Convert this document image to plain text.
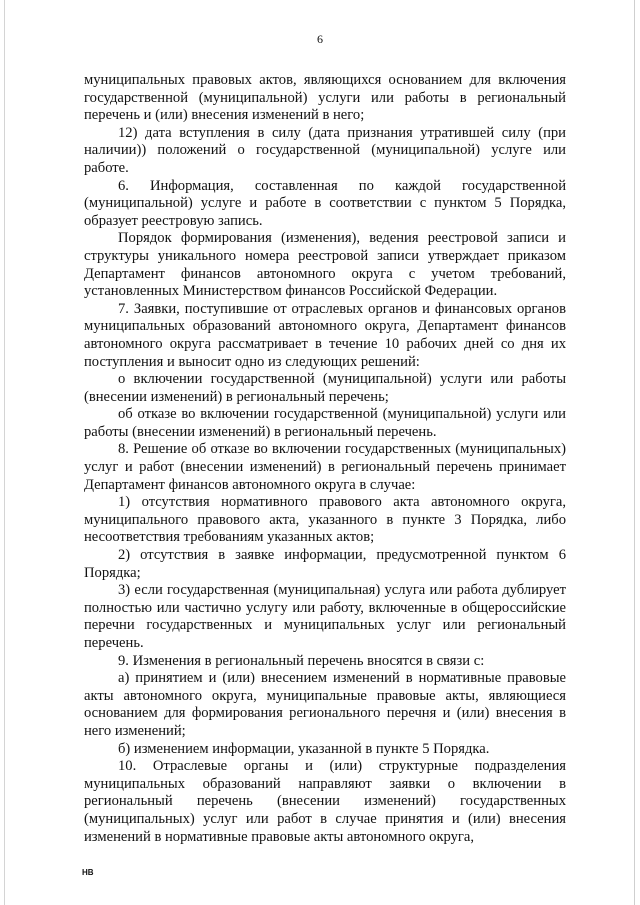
6

муниципальных правовых актов, являющихся основанием для включения государственной (муниципальной) услуги или работы в региональный перечень и (или) внесения изменений в него;

12) дата вступления в силу (дата признания утратившей силу (при наличии)) положений о государственной (муниципальной) услуге или работе.

6. Информация, составленная по каждой государственной (муниципальной) услуге и работе в соответствии с пунктом 5 Порядка, образует реестровую запись.

Порядок формирования (изменения), ведения реестровой записи и структуры уникального номера реестровой записи утверждает приказом Департамент финансов автономного округа с учетом требований, установленных Министерством финансов Российской Федерации.

7. Заявки, поступившие от отраслевых органов и финансовых органов муниципальных образований автономного округа, Департамент финансов автономного округа рассматривает в течение 10 рабочих дней со дня их поступления и выносит одно из следующих решений:

о включении государственной (муниципальной) услуги или работы (внесении изменений) в региональный перечень;

об отказе во включении государственной (муниципальной) услуги или работы (внесении изменений) в региональный перечень.

8. Решение об отказе во включении государственных (муниципальных) услуг и работ (внесении изменений) в региональный перечень принимает Департамент финансов автономного округа в случае:

1) отсутствия нормативного правового акта автономного округа, муниципального правового акта, указанного в пункте 3 Порядка, либо несоответствия требованиям указанных актов;

2) отсутствия в заявке информации, предусмотренной пунктом 6 Порядка;

3) если государственная (муниципальная) услуга или работа дублирует полностью или частично услугу или работу, включенные в общероссийские перечни государственных и муниципальных услуг или региональный перечень.

9. Изменения в региональный перечень вносятся в связи с:

а) принятием и (или) внесением изменений в нормативные правовые акты автономного округа, муниципальные правовые акты, являющиеся основанием для формирования регионального перечня и (или) внесения в него изменений;

б) изменением информации, указанной в пункте 5 Порядка.

10. Отраслевые органы и (или) структурные подразделения муниципальных образований направляют заявки о включении в региональный перечень (внесении изменений) государственных (муниципальных) услуг или работ в случае принятия и (или) внесения изменений в нормативные правовые акты автономного округа,

НВ
